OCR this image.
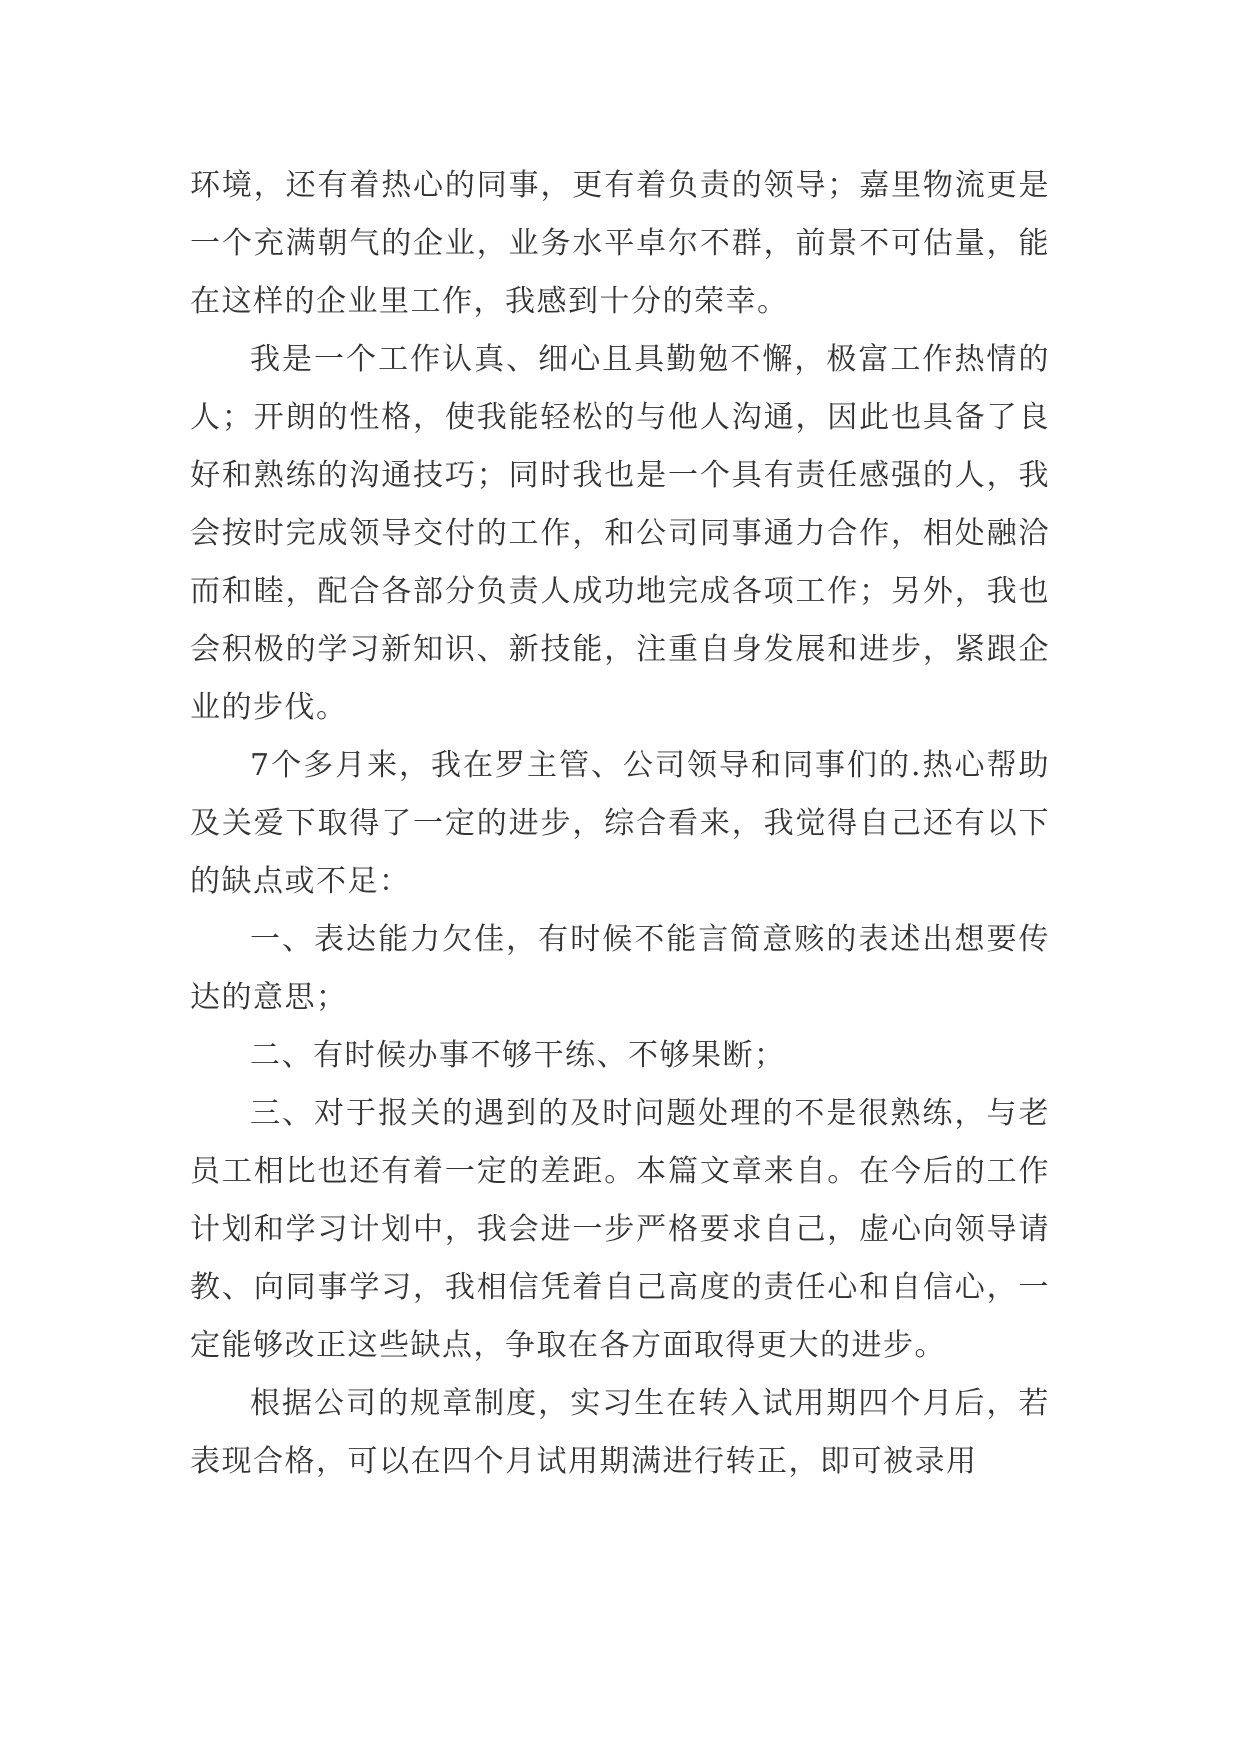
环境，还有着热心的同事，更有着负责的领导；嘉里物流更是一个充满朝气的企业，业务水平卓尔不群，前景不可估量，能在这样的企业里工作，我感到十分的荣幸。

我是一个工作认真、细心且具勤勉不懈，极富工作热情的人；开朗的性格，使我能轻松的与他人沟通，因此也具备了良好和熟练的沟通技巧；同时我也是一个具有责任感强的人，我会按时完成领导交付的工作，和公司同事通力合作，相处融洽而和睦，配合各部分负责人成功地完成各项工作；另外，我也会积极的学习新知识、新技能，注重自身发展和进步，紧跟企业的步伐。

7个多月来，我在罗主管、公司领导和同事们的.热心帮助及关爱下取得了一定的进步，综合看来，我觉得自己还有以下的缺点或不足：

一、表达能力欠佳，有时候不能言简意赅的表述出想要传达的意思；

二、有时候办事不够干练、不够果断；

三、对于报关的遇到的及时问题处理的不是很熟练，与老员工相比也还有着一定的差距。本篇文章来自。在今后的工作计划和学习计划中，我会进一步严格要求自己，虚心向领导请教、向同事学习，我相信凭着自己高度的责任心和自信心，一定能够改正这些缺点，争取在各方面取得更大的进步。

根据公司的规章制度，实习生在转入试用期四个月后，若表现合格，可以在四个月试用期满进行转正，即可被录用
